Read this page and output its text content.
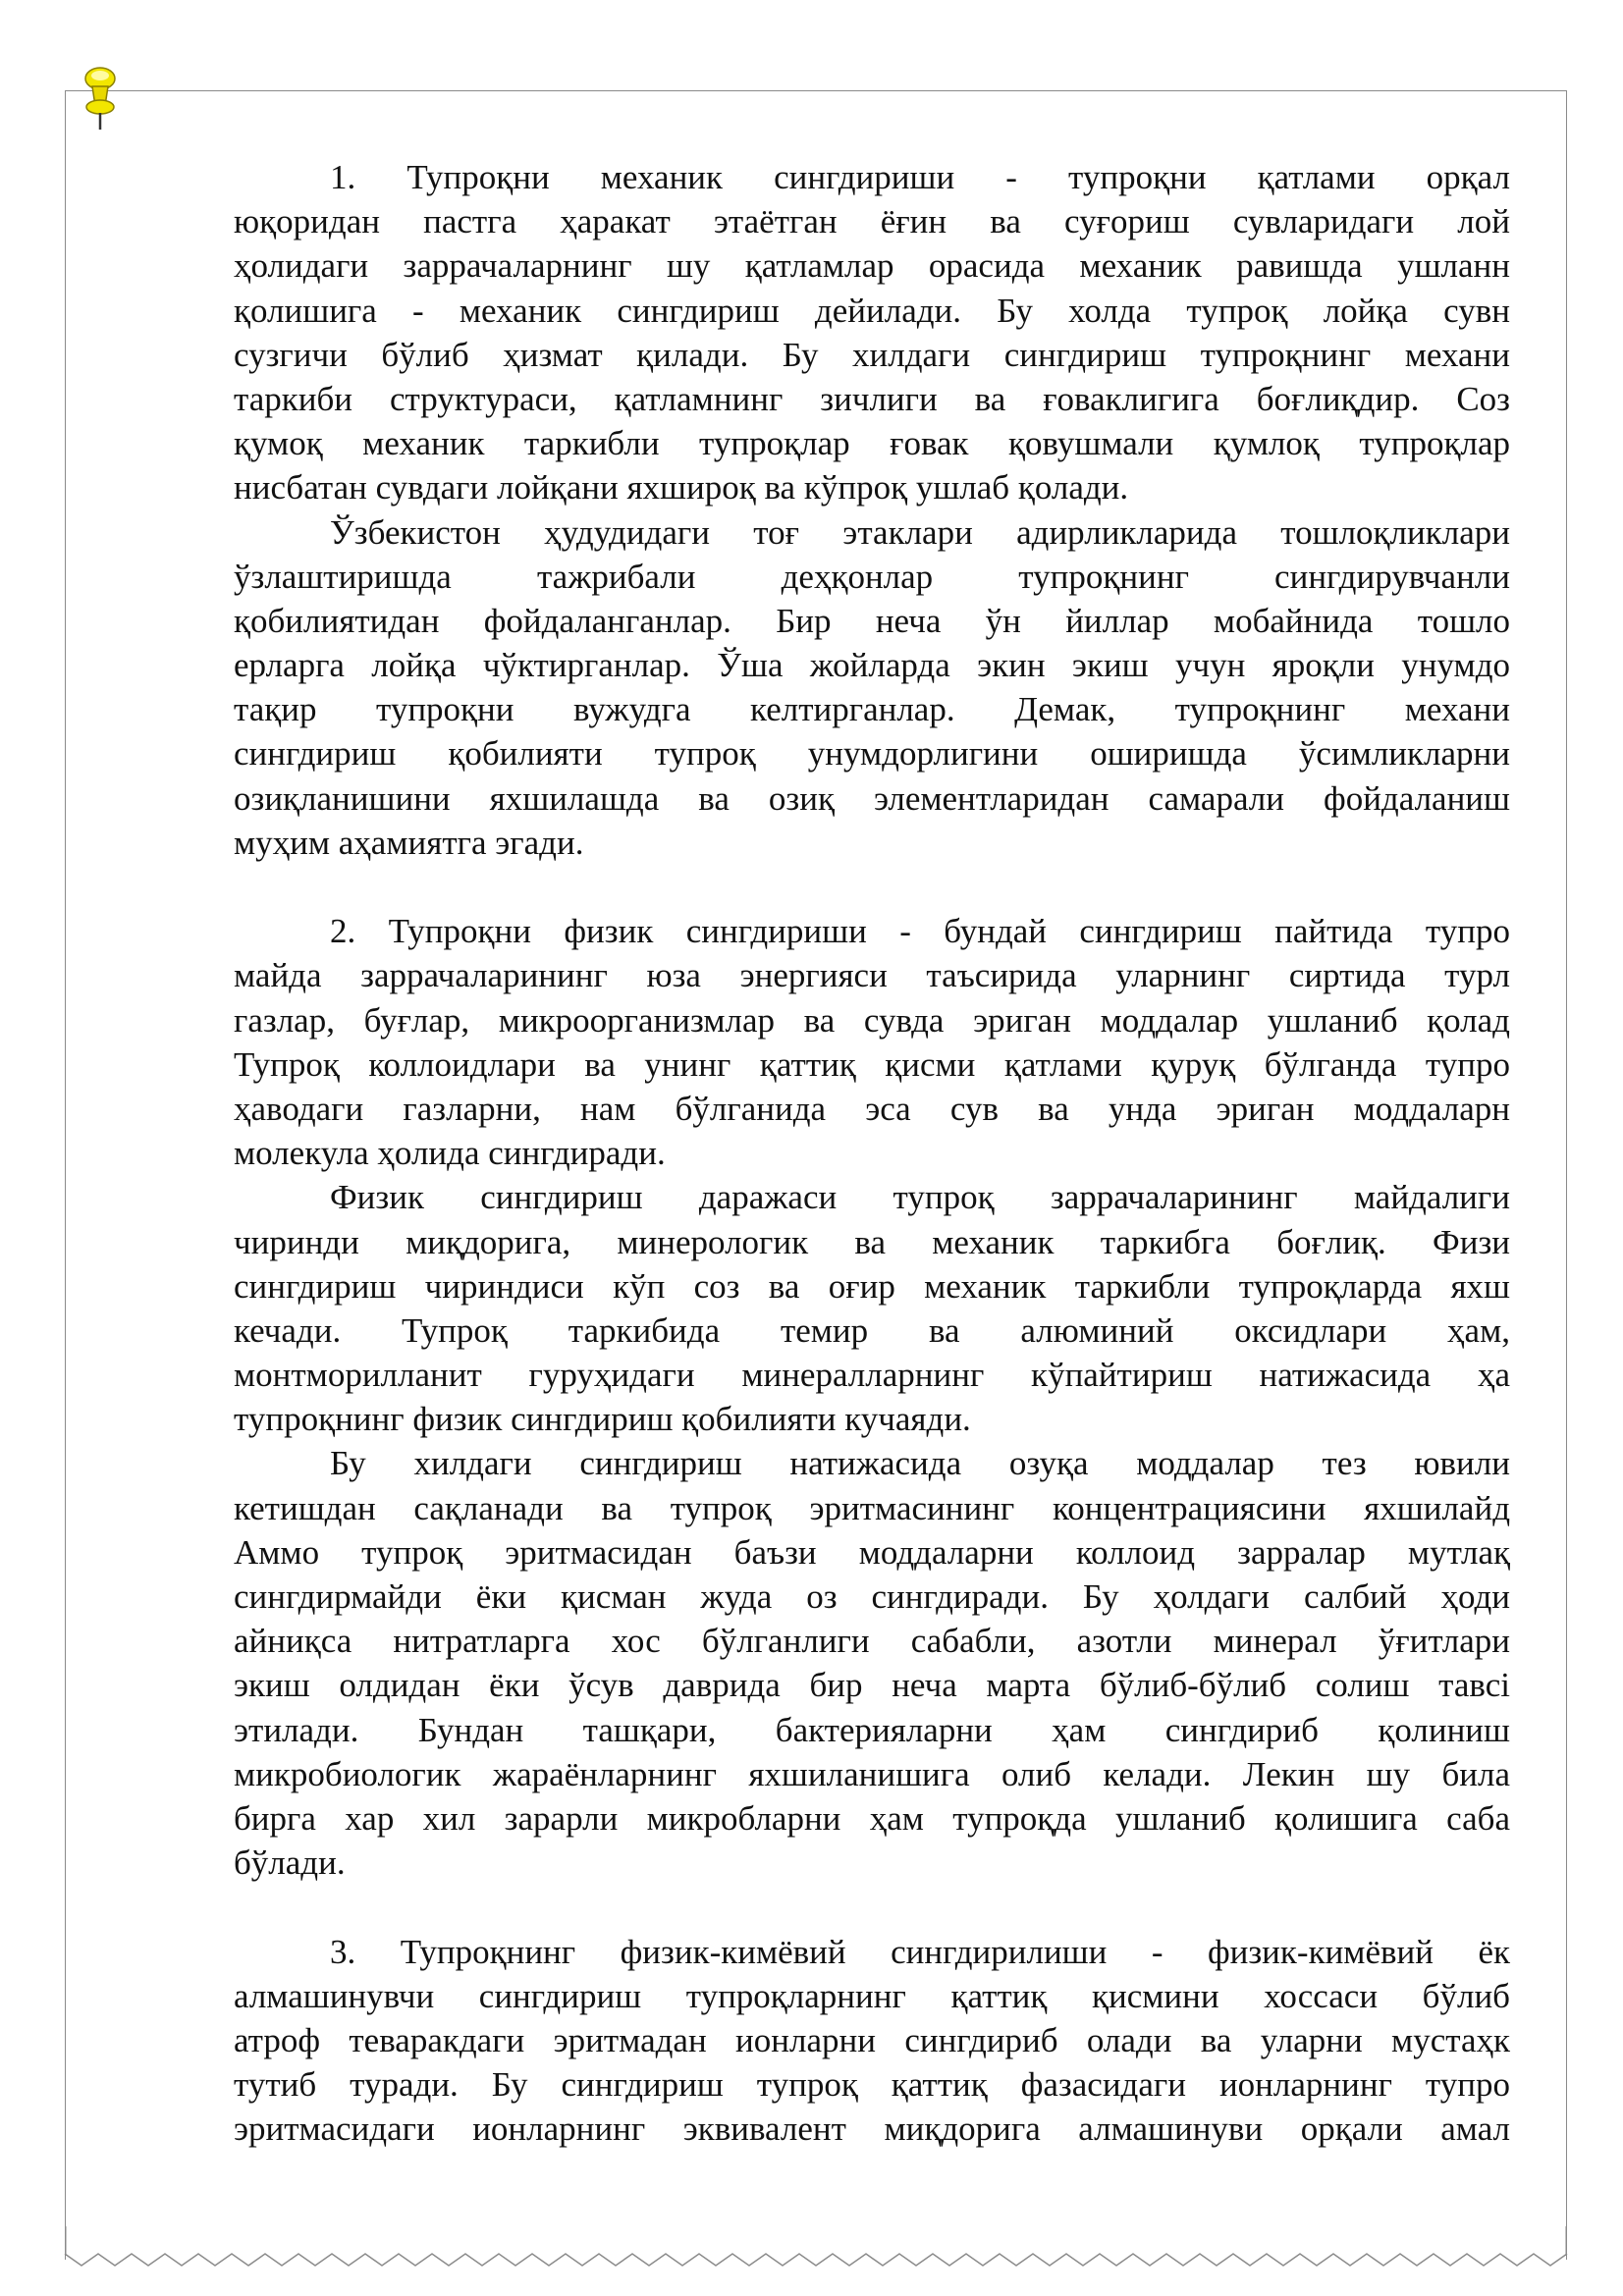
1. Тупроқни механик сингдириши - тупроқни қатлами орқал
юқоридан пастга ҳаракат этаётган ёғин ва суғориш сувларидаги лой
ҳолидаги заррачаларнинг шу қатламлар орасида механик равишда ушланн
қолишига - механик сингдириш дейилади. Бу холда тупроқ лойқа сувн
сузгичи бўлиб ҳизмат қилади. Бу хилдаги сингдириш тупроқнинг механи
таркиби структураси, қатламнинг зичлиги ва ғоваклигига боғлиқдир. Соз
қумоқ механик таркибли тупроқлар ғовак қовушмали қумлоқ тупроқлар
нисбатан сувдаги лойқани яхшироқ ва кўпроқ ушлаб қолади.
Ўзбекистон ҳудудидаги тоғ этаклари адирликларида тошлоқликлари
ўзлаштиришда тажрибали деҳқонлар тупроқнинг сингдирувчанли
қобилиятидан фойдаланганлар. Бир неча ўн йиллар мобайнида тошло
ерларга лойқа чўктирганлар. Ўша жойларда экин экиш учун яроқли унумдо
тақир тупроқни вужудга келтирганлар. Демак, тупроқнинг механи
сингдириш қобилияти тупроқ унумдорлигини оширишда ўсимликларни
озиқланишини яхшилашда ва озиқ элементларидан самарали фойдаланиш
муҳим аҳамиятга эгади.
2. Тупроқни физик сингдириши - бундай сингдириш пайтида тупро
майда заррачаларининг юза энергияси таъсирида уларнинг сиртида турл
газлар, буғлар, микроорганизмлар ва сувда эриган моддалар ушланиб қолад
Тупроқ коллоидлари ва унинг қаттиқ қисми қатлами қуруқ бўлганда тупро
ҳаводаги газларни, нам бўлганида эса сув ва унда эриган моддаларн
молекула ҳолида сингдиради.
Физик сингдириш даражаси тупроқ заррачаларининг майдалиги
чиринди миқдорига, минерологик ва механик таркибга боғлиқ. Физи
сингдириш чириндиси кўп соз ва оғир механик таркибли тупроқларда яхш
кечади. Тупроқ таркибида темир ва алюминий оксидлари ҳам,
монтморилланит гуруҳидаги минералларнинг кўпайтириш натижасида ҳа
тупроқнинг физик сингдириш қобилияти кучаяди.
Бу хилдаги сингдириш натижасида озуқа моддалар тез ювили
кетишдан сақланади ва тупроқ эритмасининг концентрациясини яхшилайд
Аммо тупроқ эритмасидан баъзи моддаларни коллоид зарралар мутлақ
сингдирмайди ёки қисман жуда оз сингдиради. Бу ҳолдаги салбий ҳоди
айниқса нитратларга хос бўлганлиги сабабли, азотли минерал ўғитлари
экиш олдидан ёки ўсув даврида бир неча марта бўлиб-бўлиб солиш тавсі
этилади. Бундан ташқари, бактерияларни ҳам сингдириб қолиниш
микробиологик жараёнларнинг яхшиланишига олиб келади. Лекин шу била
бирга хар хил зарарли микробларни ҳам тупроқда ушланиб қолишига саба
бўлади.
3. Тупроқнинг физик-кимёвий сингдирилиши - физик-кимёвий ёк
алмашинувчи сингдириш тупроқларнинг қаттиқ қисмини хоссаси бўлиб
атроф теваракдаги эритмадан ионларни сингдириб олади ва уларни мустаҳк
тутиб туради. Бу сингдириш тупроқ қаттиқ фазасидаги ионларнинг тупро
эритмасидаги ионларнинг эквивалент миқдорига алмашинуви орқали амал
